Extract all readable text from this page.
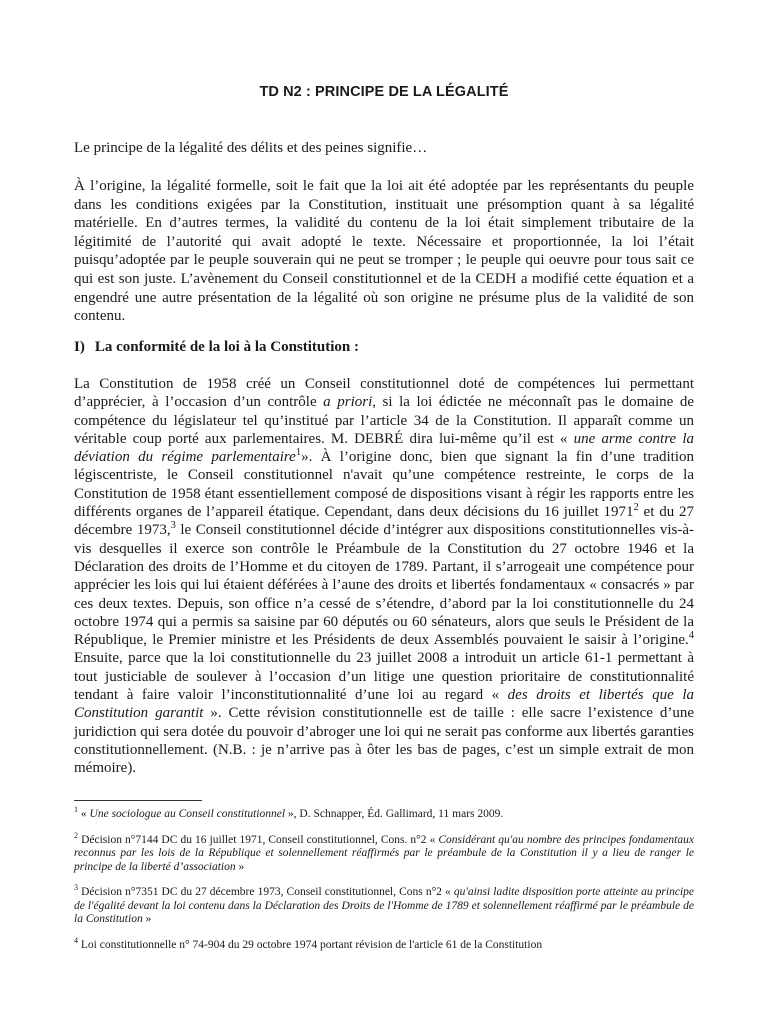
TD N2 : PRINCIPE DE LA LÉGALITÉ

Le principe de la légalité des délits et des peines signifie…

À l’origine, la légalité formelle, soit le fait que la loi ait été adoptée par les représentants du peuple dans les conditions exigées par la Constitution, instituait une présomption quant à sa légalité matérielle. En d’autres termes, la validité du contenu de la loi était simplement tributaire de la légitimité de l’autorité qui avait adopté le texte. Nécessaire et proportionnée, la loi l’était puisqu’adoptée par le peuple souverain qui ne peut se tromper ; le peuple qui oeuvre pour tous sait ce qui est son juste. L’avènement du Conseil constitutionnel et de la CEDH a modifié cette équation et a engendré une autre présentation de la légalité où son origine ne présume plus de la validité de son contenu.

I) La conformité de la loi à la Constitution :

La Constitution de 1958 créé un Conseil constitutionnel doté de compétences lui permettant d’apprécier, à l’occasion d’un contrôle a priori, si la loi édictée ne méconnaît pas le domaine de compétence du législateur tel qu’institué par l’article 34 de la Constitution. Il apparaît comme un véritable coup porté aux parlementaires. M. DEBRÉ dira lui-même qu’il est « une arme contre la déviation du régime parlementaire$^1$». À l’origine donc, bien que signant la fin d’une tradition légiscentriste, le Conseil constitutionnel n'avait qu’une compétence restreinte, le corps de la Constitution de 1958 étant essentiellement composé de dispositions visant à régir les rapports entre les différents organes de l’appareil étatique. Cependant, dans deux décisions du 16 juillet 1971$^2$ et du 27 décembre 1973,$^3$ le Conseil constitutionnel décide d’intégrer aux dispositions constitutionnelles vis-à-vis desquelles il exerce son contrôle le Préambule de la Constitution du 27 octobre 1946 et la Déclaration des droits de l’Homme et du citoyen de 1789. Partant, il s’arrogeait une compétence pour apprécier les lois qui lui étaient déférées à l’aune des droits et libertés fondamentaux « consacrés » par ces deux textes. Depuis, son office n’a cessé de s’étendre, d’abord par la loi constitutionnelle du 24 octobre 1974 qui a permis sa saisine par 60 députés ou 60 sénateurs, alors que seuls le Président de la République, le Premier ministre et les Présidents de deux Assemblés pouvaient le saisir à l’origine.$^4$ Ensuite, parce que la loi constitutionnelle du 23 juillet 2008 a introduit un article 61-1 permettant à tout justiciable de soulever à l’occasion d’un litige une question prioritaire de constitutionnalité tendant à faire valoir l’inconstitutionnalité d’une loi au regard « des droits et libertés que la Constitution garantit ». Cette révision constitutionnelle est de taille : elle sacre l’existence d’une juridiction qui sera dotée du pouvoir d’abroger une loi qui ne serait pas conforme aux libertés garanties constitutionnellement. (N.B. : je n’arrive pas à ôter les bas de pages, c’est un simple extrait de mon mémoire).

$^1$ « Une sociologue au Conseil constitutionnel », D. Schnapper, Éd. Gallimard, 11 mars 2009.

$^2$ Décision n°7144 DC du 16 juillet 1971, Conseil constitutionnel, Cons. n°2 « Considérant qu'au nombre des principes fondamentaux reconnus par les lois de la République et solennellement réaffirmés par le préambule de la Constitution il y a lieu de ranger le principe de la liberté d’association »

$^3$ Décision n°7351 DC du 27 décembre 1973, Conseil constitutionnel, Cons n°2 « qu'ainsi ladite disposition porte atteinte au principe de l'égalité devant la loi contenu dans la Déclaration des Droits de l'Homme de 1789 et solennellement réaffirmé par le préambule de la Constitution »

$^4$ Loi constitutionnelle n° 74-904 du 29 octobre 1974 portant révision de l'article 61 de la Constitution
